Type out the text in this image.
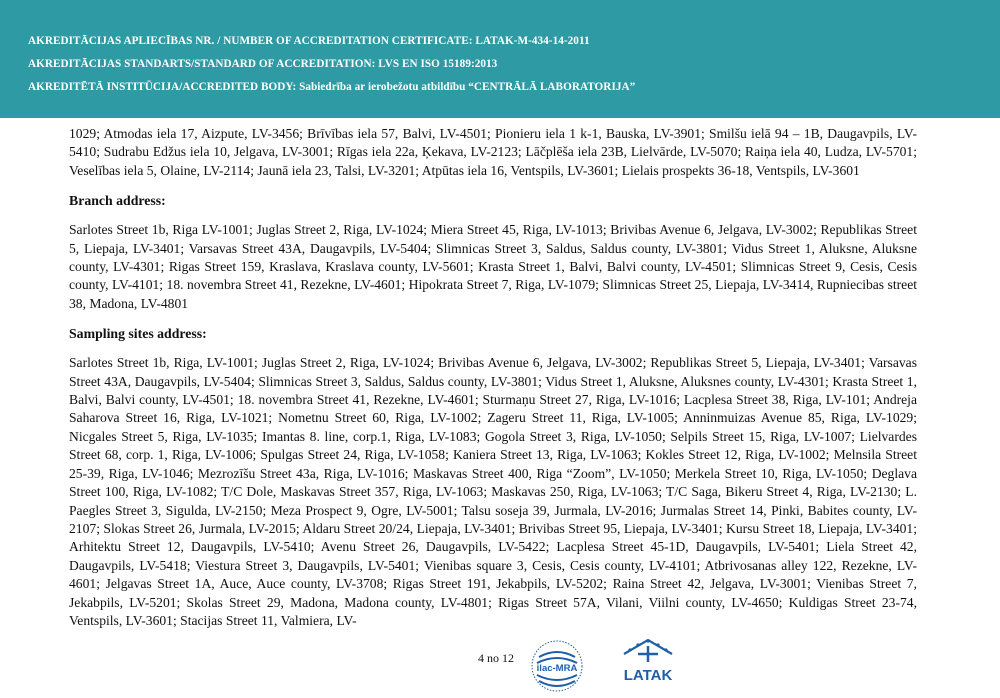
AKREDITĀCIJAS APLIECĪBAS NR. / NUMBER OF ACCREDITATION CERTIFICATE: LATAK-M-434-14-2011
AKREDITĀCIJAS STANDARTS/STANDARD OF ACCREDITATION: LVS EN ISO 15189:2013
AKREDITĒTĀ INSTITŪCIJA/ACCREDITED BODY: Sabiedrība ar ierobežotu atbildību “CENTRĀLĀ LABORATORIJA”

1029; Atmodas iela 17, Aizpute, LV-3456; Brīvības iela 57, Balvi, LV-4501; Pionieru iela 1 k-1, Bauska, LV-3901; Smilšu ielā 94 – 1B, Daugavpils, LV-5410; Sudrabu Edžus iela 10, Jelgava, LV-3001; Rīgas iela 22a, Ķekava, LV-2123; Lāčplēša iela 23B, Lielvārde, LV-5070; Raiņa iela 40, Ludza, LV-5701; Veselības iela 5, Olaine, LV-2114; Jaunā iela 23, Talsi, LV-3201; Atpūtas iela 16, Ventspils, LV-3601; Lielais prospekts 36-18, Ventspils, LV-3601

Branch address:

Sarlotes Street 1b, Riga LV-1001; Juglas Street 2, Riga, LV-1024; Miera Street 45, Riga, LV-1013; Brivibas Avenue 6, Jelgava, LV-3002; Republikas Street 5, Liepaja, LV-3401; Varsavas Street 43A, Daugavpils, LV-5404; Slimnicas Street 3, Saldus, Saldus county, LV-3801; Vidus Street 1, Aluksne, Aluksne county, LV-4301; Rigas Street 159, Kraslava, Kraslava county, LV-5601; Krasta Street 1, Balvi, Balvi county, LV-4501; Slimnicas Street 9, Cesis, Cesis county, LV-4101; 18. novembra Street 41, Rezekne, LV-4601; Hipokrata Street 7, Riga, LV-1079; Slimnicas Street 25, Liepaja, LV-3414, Rupniecibas street 38, Madona, LV-4801

Sampling sites address:

Sarlotes Street 1b, Riga, LV-1001; Juglas Street 2, Riga, LV-1024; Brivibas Avenue 6, Jelgava, LV-3002; Republikas Street 5, Liepaja, LV-3401; Varsavas Street 43A, Daugavpils, LV-5404; Slimnicas Street 3, Saldus, Saldus county, LV-3801; Vidus Street 1, Aluksne, Aluksnes county, LV-4301; Krasta Street 1, Balvi, Balvi county, LV-4501; 18. novembra Street 41, Rezekne, LV-4601; Sturmaņu Street 27, Riga, LV-1016; Lacplesa Street 38, Riga, LV-101; Andreja Saharova Street 16, Riga, LV-1021; Nometnu Street 60, Riga, LV-1002; Zageru Street 11, Riga, LV-1005; Anninmuizas Avenue 85, Riga, LV-1029; Nicgales Street 5, Riga, LV-1035; Imantas 8. line, corp.1, Riga, LV-1083; Gogola Street 3, Riga, LV-1050; Selpils Street 15, Riga, LV-1007; Lielvardes Street 68, corp. 1, Riga, LV-1006; Spulgas Street 24, Riga, LV-1058; Kaniera Street 13, Riga, LV-1063; Kokles Street 12, Riga, LV-1002; Melnsila Street 25-39, Riga, LV-1046; Mezrozīšu Street 43a, Riga, LV-1016; Maskavas Street 400, Riga “Zoom”, LV-1050; Merkela Street 10, Riga, LV-1050; Deglava Street 100, Riga, LV-1082; T/C Dole, Maskavas Street 357, Riga, LV-1063; Maskavas 250, Riga, LV-1063; T/C Saga, Bikeru Street 4, Riga, LV-2130; L. Paegles Street 3, Sigulda, LV-2150; Meza Prospect 9, Ogre, LV-5001; Talsu soseja 39, Jurmala, LV-2016; Jurmalas Street 14, Pinki, Babites county, LV-2107; Slokas Street 26, Jurmala, LV-2015; Aldaru Street 20/24, Liepaja, LV-3401; Brivibas Street 95, Liepaja, LV-3401; Kursu Street 18, Liepaja, LV-3401; Arhitektu Street 12, Daugavpils, LV-5410; Avenu Street 26, Daugavpils, LV-5422; Lacplesa Street 45-1D, Daugavpils, LV-5401; Liela Street 42, Daugavpils, LV-5418; Viestura Street 3, Daugavpils, LV-5401; Vienibas square 3, Cesis, Cesis county, LV-4101; Atbrivosanas alley 122, Rezekne, LV-4601; Jelgavas Street 1A, Auce, Auce county, LV-3708; Rigas Street 191, Jekabpils, LV-5202; Raina Street 42, Jelgava, LV-3001; Vienibas Street 7, Jekabpils, LV-5201; Skolas Street 29, Madona, Madona county, LV-4801; Rigas Street 57A, Vilani, Viilni county, LV-4650; Kuldigas Street 23-74, Ventspils, LV-3601; Stacijas Street 11, Valmiera, LV-

4 no 12
ilac-MRA	LATAK
